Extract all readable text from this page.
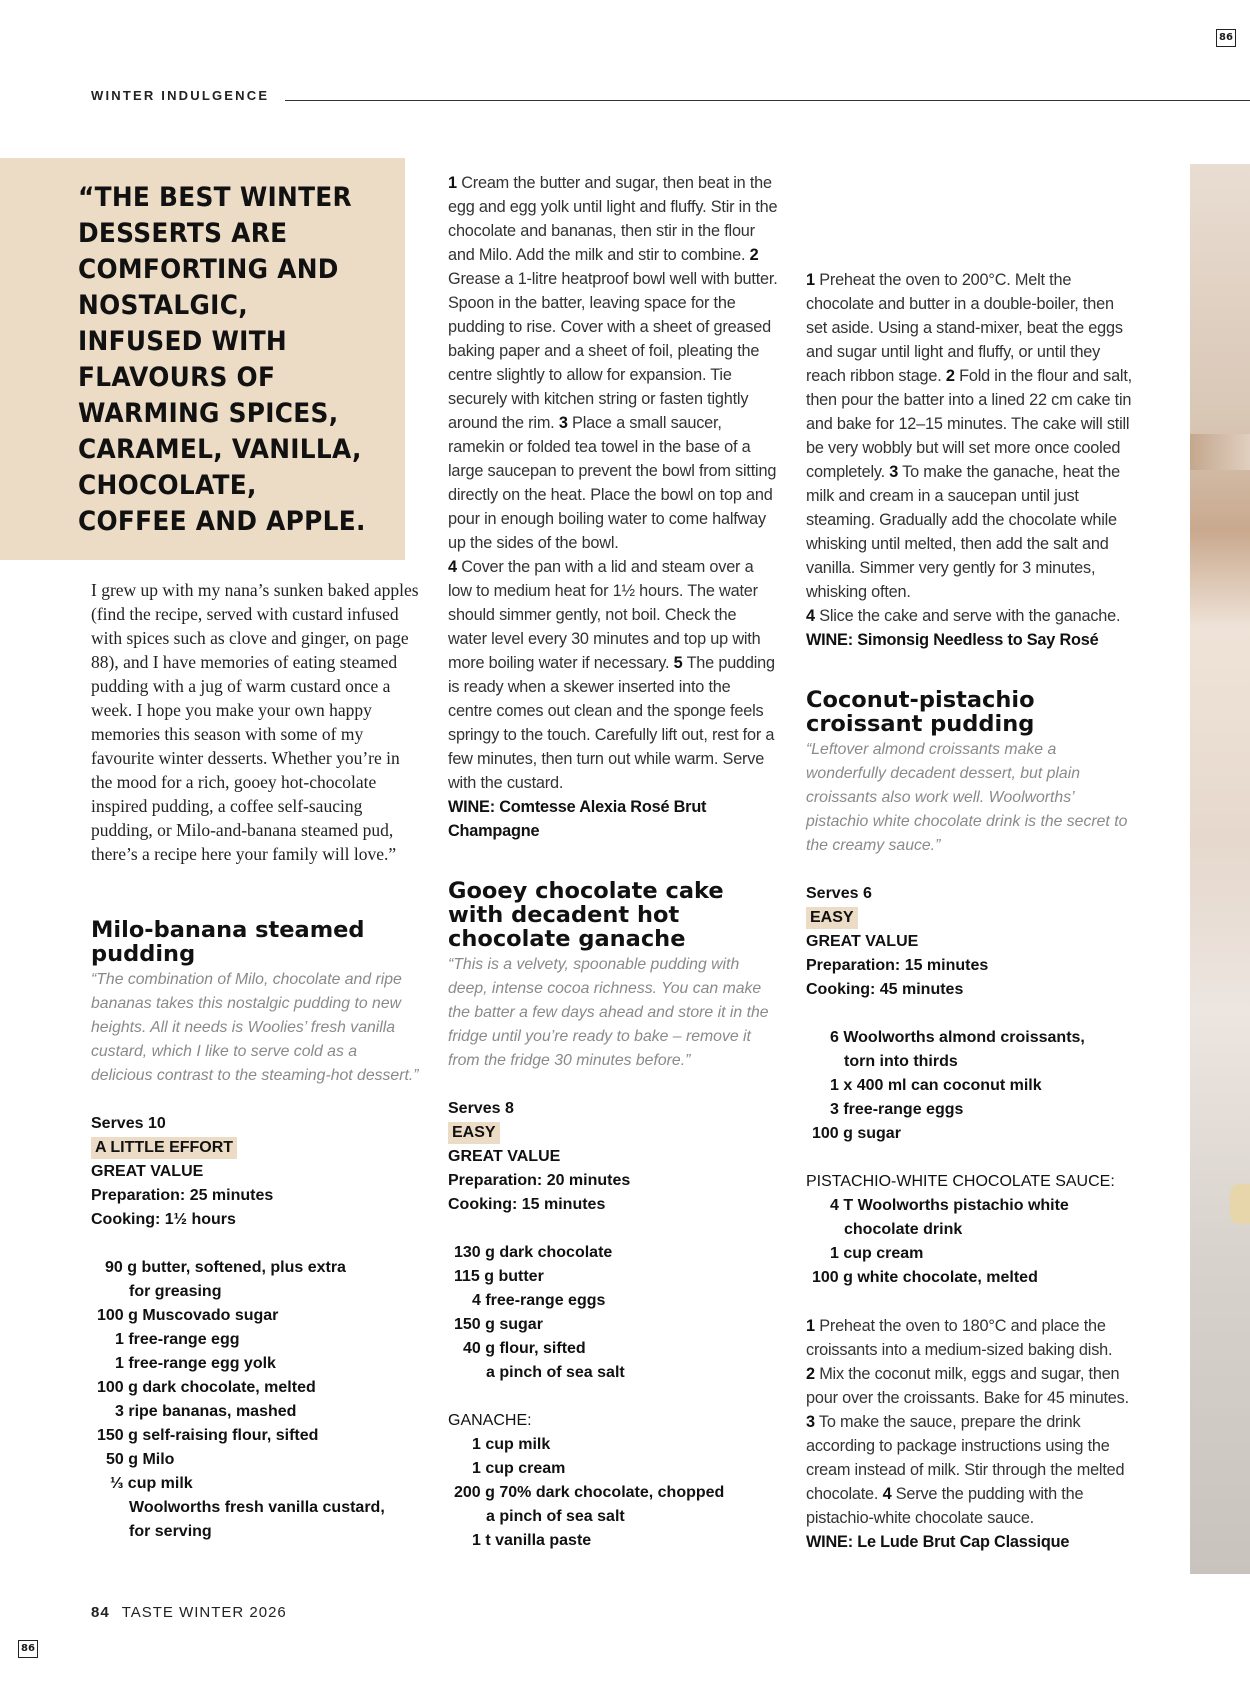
86
WINTER INDULGENCE
“THE BEST WINTER DESSERTS ARE COMFORTING AND NOSTALGIC, INFUSED WITH FLAVOURS OF WARMING SPICES, CARAMEL, VANILLA, CHOCOLATE, COFFEE AND APPLE.
I grew up with my nana’s sunken baked apples (find the recipe, served with custard infused with spices such as clove and ginger, on page 88), and I have memories of eating steamed pudding with a jug of warm custard once a week. I hope you make your own happy memories this season with some of my favourite winter desserts. Whether you’re in the mood for a rich, gooey hot-chocolate inspired pudding, a coffee self-saucing pudding, or Milo-and-banana steamed pud, there’s a recipe here your family will love.”
Milo-banana steamed pudding
“The combination of Milo, chocolate and ripe bananas takes this nostalgic pudding to new heights. All it needs is Woolies’ fresh vanilla custard, which I like to serve cold as a delicious contrast to the steaming-hot dessert.”
Serves 10
A LITTLE EFFORT
GREAT VALUE
Preparation: 25 minutes
Cooking: 1½ hours
90 g butter, softened, plus extra
for greasing
100 g Muscovado sugar
1 free-range egg
1 free-range egg yolk
100 g dark chocolate, melted
3 ripe bananas, mashed
150 g self-raising flour, sifted
50 g Milo
⅓ cup milk
Woolworths fresh vanilla custard,
for serving
1 Cream the butter and sugar, then beat in the egg and egg yolk until light and fluffy. Stir in the chocolate and bananas, then stir in the flour and Milo. Add the milk and stir to combine. 2 Grease a 1-litre heatproof bowl well with butter. Spoon in the batter, leaving space for the pudding to rise. Cover with a sheet of greased baking paper and a sheet of foil, pleating the centre slightly to allow for expansion. Tie securely with kitchen string or fasten tightly around the rim. 3 Place a small saucer, ramekin or folded tea towel in the base of a large saucepan to prevent the bowl from sitting directly on the heat. Place the bowl on top and pour in enough boiling water to come halfway up the sides of the bowl.
4 Cover the pan with a lid and steam over a low to medium heat for 1½ hours. The water should simmer gently, not boil. Check the water level every 30 minutes and top up with more boiling water if necessary. 5 The pudding is ready when a skewer inserted into the centre comes out clean and the sponge feels springy to the touch. Carefully lift out, rest for a few minutes, then turn out while warm. Serve with the custard.
WINE: Comtesse Alexia Rosé Brut Champagne
Gooey chocolate cake with decadent hot chocolate ganache
“This is a velvety, spoonable pudding with deep, intense cocoa richness. You can make the batter a few days ahead and store it in the fridge until you’re ready to bake – remove it from the fridge 30 minutes before.”
Serves 8
EASY
GREAT VALUE
Preparation: 20 minutes
Cooking: 15 minutes
130 g dark chocolate
115 g butter
4 free-range eggs
150 g sugar
40 g flour, sifted
a pinch of sea salt
GANACHE:
1 cup milk
1 cup cream
200 g 70% dark chocolate, chopped
a pinch of sea salt
1 t vanilla paste
1 Preheat the oven to 200°C. Melt the chocolate and butter in a double-boiler, then set aside. Using a stand-mixer, beat the eggs and sugar until light and fluffy, or until they reach ribbon stage. 2 Fold in the flour and salt, then pour the batter into a lined 22 cm cake tin and bake for 12–15 minutes. The cake will still be very wobbly but will set more once cooled completely. 3 To make the ganache, heat the milk and cream in a saucepan until just steaming. Gradually add the chocolate while whisking until melted, then add the salt and vanilla. Simmer very gently for 3 minutes, whisking often.
4 Slice the cake and serve with the ganache.
WINE: Simonsig Needless to Say Rosé
Coconut-pistachio croissant pudding
“Leftover almond croissants make a wonderfully decadent dessert, but plain croissants also work well. Woolworths’ pistachio white chocolate drink is the secret to the creamy sauce.”
Serves 6
EASY
GREAT VALUE
Preparation: 15 minutes
Cooking: 45 minutes
6 Woolworths almond croissants,
torn into thirds
1 x 400 ml can coconut milk
3 free-range eggs
100 g sugar
PISTACHIO-WHITE CHOCOLATE SAUCE:
4 T Woolworths pistachio white
chocolate drink
1 cup cream
100 g white chocolate, melted
1 Preheat the oven to 180°C and place the croissants into a medium-sized baking dish.
2 Mix the coconut milk, eggs and sugar, then pour over the croissants. Bake for 45 minutes.
3 To make the sauce, prepare the drink according to package instructions using the cream instead of milk. Stir through the melted chocolate. 4 Serve the pudding with the pistachio-white chocolate sauce.
WINE: Le Lude Brut Cap Classique
84 TASTE WINTER 2026
86
